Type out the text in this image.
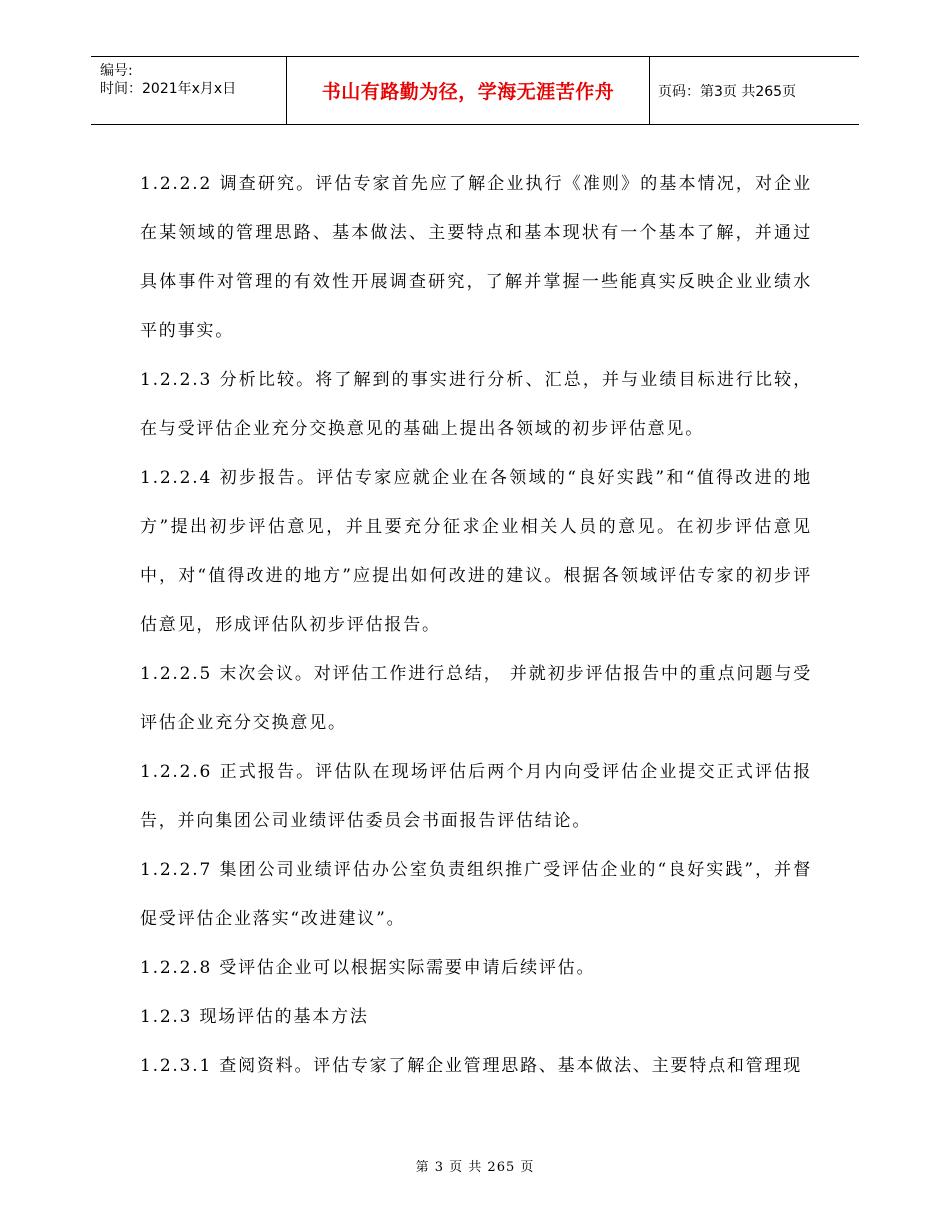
编号:
时间：2021年x月x日	书山有路勤为径，学海无涯苦作舟	页码：第3页 共265页

1.2.2.2 调查研究。评估专家首先应了解企业执行《准则》的基本情况，对企业在某领域的管理思路、基本做法、主要特点和基本现状有一个基本了解，并通过具体事件对管理的有效性开展调查研究，了解并掌握一些能真实反映企业业绩水平的事实。

1.2.2.3 分析比较。将了解到的事实进行分析、汇总，并与业绩目标进行比较，在与受评估企业充分交换意见的基础上提出各领域的初步评估意见。

1.2.2.4 初步报告。评估专家应就企业在各领域的“良好实践”和“值得改进的地方”提出初步评估意见，并且要充分征求企业相关人员的意见。在初步评估意见中，对“值得改进的地方”应提出如何改进的建议。根据各领域评估专家的初步评估意见，形成评估队初步评估报告。

1.2.2.5 末次会议。对评估工作进行总结， 并就初步评估报告中的重点问题与受评估企业充分交换意见。

1.2.2.6 正式报告。评估队在现场评估后两个月内向受评估企业提交正式评估报告，并向集团公司业绩评估委员会书面报告评估结论。

1.2.2.7 集团公司业绩评估办公室负责组织推广受评估企业的“良好实践”，并督促受评估企业落实“改进建议”。

1.2.2.8 受评估企业可以根据实际需要申请后续评估。

1.2.3 现场评估的基本方法

1.2.3.1 查阅资料。评估专家了解企业管理思路、基本做法、主要特点和管理现

第 3 页 共 265 页
